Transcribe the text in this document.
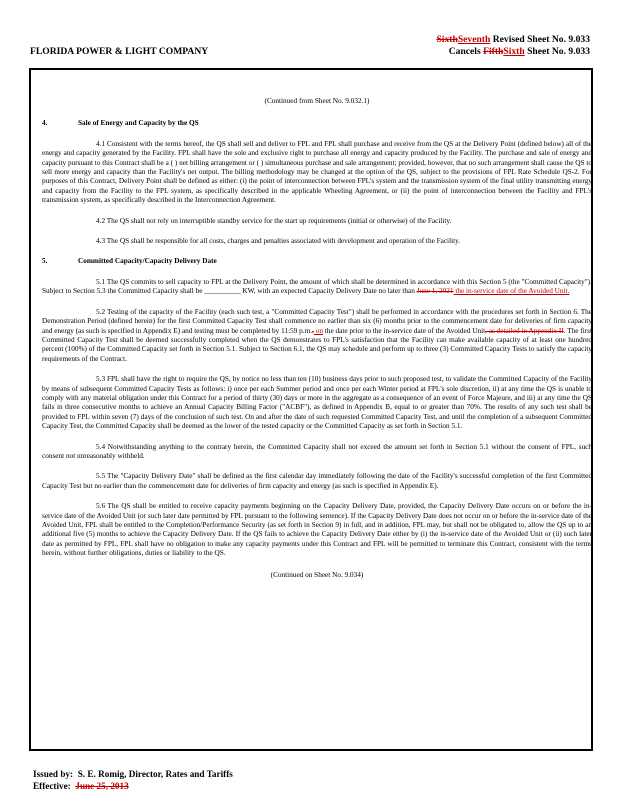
FLORIDA POWER & LIGHT COMPANY
SixthSeventh Revised Sheet No. 9.033
Cancels FifthSixth Sheet No. 9.033

(Continued from Sheet No. 9.032.1)

4.	Sale of Energy and Capacity by the QS

4.1 Consistent with the terms hereof, the QS shall sell and deliver to FPL and FPL shall purchase and receive from the QS at the Delivery Point (defined below) all of the energy and capacity generated by the Facility. FPL shall have the sole and exclusive right to purchase all energy and capacity produced by the Facility. The purchase and sale of energy and capacity pursuant to this Contract shall be a ( ) net billing arrangement or ( ) simultaneous purchase and sale arrangement; provided, however, that no such arrangement shall cause the QS to sell more energy and capacity than the Facility's net output. The billing methodology may be changed at the option of the QS, subject to the provisions of FPL Rate Schedule QS-2. For purposes of this Contract, Delivery Point shall be defined as either: (i) the point of interconnection between FPL's system and the transmission system of the final utility transmitting energy and capacity from the Facility to the FPL system, as specifically described in the applicable Wheeling Agreement, or (ii) the point of interconnection between the Facility and FPL's transmission system, as specifically described in the Interconnection Agreement.

4.2 The QS shall not rely on interruptible standby service for the start up requirements (initial or otherwise) of the Facility.

4.3 The QS shall be responsible for all costs, charges and penalties associated with development and operation of the Facility.

5.	Committed Capacity/Capacity Delivery Date

5.1 The QS commits to sell capacity to FPL at the Delivery Point, the amount of which shall be determined in accordance with this Section 5 (the "Committed Capacity"). Subject to Section 5.3 the Committed Capacity shall be __________ KW, with an expected Capacity Delivery Date no later than June 1, 2021 the in-service date of the Avoided Unit.

5.2 Testing of the capacity of the Facility (each such test, a "Committed Capacity Test") shall be performed in accordance with the procedures set forth in Section 6. The Demonstration Period (defined herein) for the first Committed Capacity Test shall commence no earlier than six (6) months prior to the commencement date for deliveries of firm capacity and energy (as such is specified in Appendix E) and testing must be completed by 11:59 p.m., on the date prior to the in-service date of the Avoided Unit, as detailed in Appendix II. The first Committed Capacity Test shall be deemed successfully completed when the QS demonstrates to FPL's satisfaction that the Facility can make available capacity of at least one hundred percent (100%) of the Committed Capacity set forth in Section 5.1. Subject to Section 6.1, the QS may schedule and perform up to three (3) Committed Capacity Tests to satisfy the capacity requirements of the Contract.

5.3 FPL shall have the right to require the QS, by notice no less than ten (10) business days prior to such proposed test, to validate the Committed Capacity of the Facility by means of subsequent Committed Capacity Tests as follows: i) once per each Summer period and once per each Winter period at FPL's sole discretion, ii) at any time the QS is unable to comply with any material obligation under this Contract for a period of thirty (30) days or more in the aggregate as a consequence of an event of Force Majeure, and iii) at any time the QS fails in three consecutive months to achieve an Annual Capacity Billing Factor ("ACBF"), as defined in Appendix B, equal to or greater than 70%. The results of any such test shall be provided to FPL within seven (7) days of the conclusion of such test. On and after the date of such requested Committed Capacity Test, and until the completion of a subsequent Committed Capacity Test, the Committed Capacity shall be deemed as the lower of the tested capacity or the Committed Capacity as set forth in Section 5.1.

5.4 Notwithstanding anything to the contrary herein, the Committed Capacity shall not exceed the amount set forth in Section 5.1 without the consent of FPL, such consent not unreasonably withheld.

5.5 The "Capacity Delivery Date" shall be defined as the first calendar day immediately following the date of the Facility's successful completion of the first Committed Capacity Test but no earlier than the commencement date for deliveries of firm capacity and energy (as such is specified in Appendix E).

5.6 The QS shall be entitled to receive capacity payments beginning on the Capacity Delivery Date, provided, the Capacity Delivery Date occurs on or before the in-service date of the Avoided Unit (or such later date permitted by FPL pursuant to the following sentence). If the Capacity Delivery Date does not occur on or before the in-service date of the Avoided Unit, FPL shall be entitled to the Completion/Performance Security (as set forth in Section 9) in full, and in addition, FPL may, but shall not be obligated to, allow the QS up to an additional five (5) months to achieve the Capacity Delivery Date. If the QS fails to achieve the Capacity Delivery Date either by (i) the in-service date of the Avoided Unit or (ii) such later date as permitted by FPL, FPL shall have no obligation to make any capacity payments under this Contract and FPL will be permitted to terminate this Contract, consistent with the terms herein, without further obligations, duties or liability to the QS.

(Continued on Sheet No. 9.034)

Issued by: S. E. Romig, Director, Rates and Tariffs
Effective: June 25, 2013
